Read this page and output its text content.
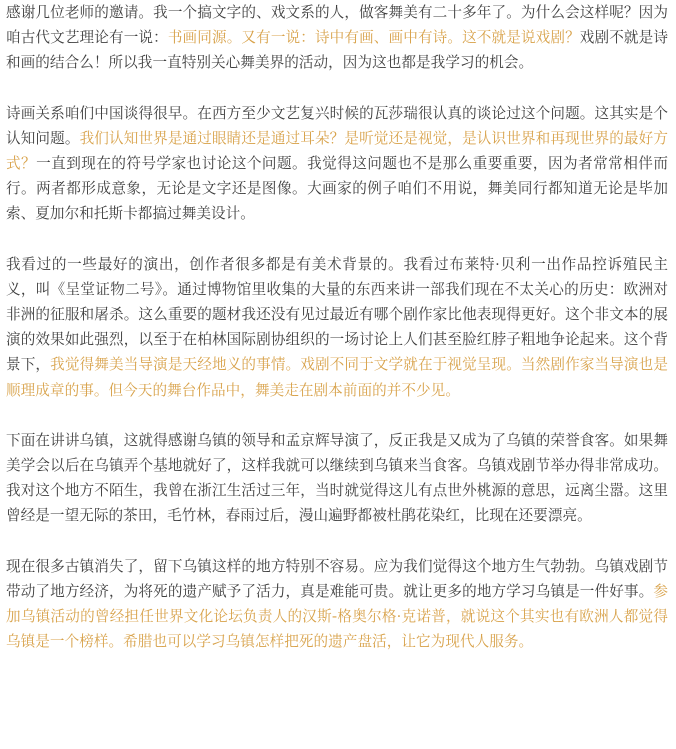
感谢几位老师的邀请。我一个搞文字的、戏文系的人，做客舞美有二十多年了。为什么会这样呢？因为咱古代文艺理论有一说：书画同源。又有一说：诗中有画、画中有诗。这不就是说戏剧？戏剧不就是诗和画的结合么！所以我一直特别关心舞美界的活动，因为这也都是我学习的机会。

诗画关系咱们中国谈得很早。在西方至少文艺复兴时候的瓦莎瑞很认真的谈论过这个问题。这其实是个认知问题。我们认知世界是通过眼睛还是通过耳朵？是听觉还是视觉，是认识世界和再现世界的最好方式？一直到现在的符号学家也讨论这个问题。我觉得这问题也不是那么重要重要，因为者常常相伴而行。两者都形成意象，无论是文字还是图像。大画家的例子咱们不用说，舞美同行都知道无论是毕加索、夏加尔和托斯卡都搞过舞美设计。

我看过的一些最好的演出，创作者很多都是有美术背景的。我看过布莱特·贝利一出作品控诉殖民主义，叫《呈堂证物二号》。通过博物馆里收集的大量的东西来讲一部我们现在不太关心的历史：欧洲对非洲的征服和屠杀。这么重要的题材我还没有见过最近有哪个剧作家比他表现得更好。这个非文本的展演的效果如此强烈，以至于在柏林国际剧协组织的一场讨论上人们甚至脸红脖子粗地争论起来。这个背景下，我觉得舞美当导演是天经地义的事情。戏剧不同于文学就在于视觉呈现。当然剧作家当导演也是顺理成章的事。但今天的舞台作品中，舞美走在剧本前面的并不少见。

下面在讲讲乌镇，这就得感谢乌镇的领导和孟京辉导演了，反正我是又成为了乌镇的荣誉食客。如果舞美学会以后在乌镇弄个基地就好了，这样我就可以继续到乌镇来当食客。乌镇戏剧节举办得非常成功。我对这个地方不陌生，我曾在浙江生活过三年，当时就觉得这儿有点世外桃源的意思，远离尘嚣。这里曾经是一望无际的茶田，毛竹林，春雨过后，漫山遍野都被杜鹃花染红，比现在还要漂亮。

现在很多古镇消失了，留下乌镇这样的地方特别不容易。应为我们觉得这个地方生气勃勃。乌镇戏剧节带动了地方经济，为将死的遗产赋予了活力，真是难能可贵。就让更多的地方学习乌镇是一件好事。参加乌镇活动的曾经担任世界文化论坛负责人的汉斯-格奥尔格·克诺普，就说这个其实也有欧洲人都觉得乌镇是一个榜样。希腊也可以学习乌镇怎样把死的遗产盘活，让它为现代人服务。
